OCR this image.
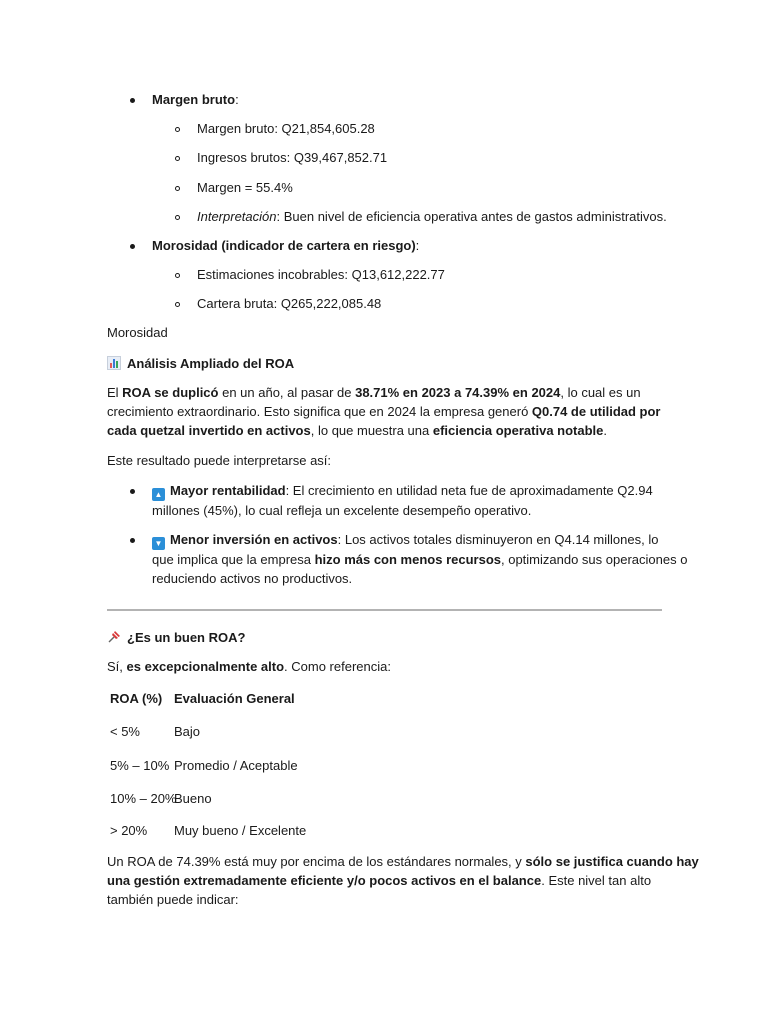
Margen bruto:
Margen bruto: Q21,854,605.28
Ingresos brutos: Q39,467,852.71
Margen = 55.4%
Interpretación: Buen nivel de eficiencia operativa antes de gastos administrativos.
Morosidad (indicador de cartera en riesgo):
Estimaciones incobrables: Q13,612,222.77
Cartera bruta: Q265,222,085.48
Morosidad
Análisis Ampliado del ROA
El ROA se duplicó en un año, al pasar de 38.71% en 2023 a 74.39% en 2024, lo cual es un
crecimiento extraordinario. Esto significa que en 2024 la empresa generó Q0.74 de utilidad por
cada quetzal invertido en activos, lo que muestra una eficiencia operativa notable.
Este resultado puede interpretarse así:
▲ Mayor rentabilidad: El crecimiento en utilidad neta fue de aproximadamente Q2.94
millones (45%), lo cual refleja un excelente desempeño operativo.
▼ Menor inversión en activos: Los activos totales disminuyeron en Q4.14 millones, lo
que implica que la empresa hizo más con menos recursos, optimizando sus operaciones o
reduciendo activos no productivos.
¿Es un buen ROA?
Sí, es excepcionalmente alto. Como referencia:
ROA (%) Evaluación General
< 5%	Bajo
5% – 10% Promedio / Aceptable
10% – 20%
Bueno
> 20% Muy bueno / Excelente
Un ROA de 74.39% está muy por encima de los estándares normales, y sólo se justifica cuando hay
una gestión extremadamente eficiente y/o pocos activos en el balance. Este nivel tan alto
también puede indicar:
